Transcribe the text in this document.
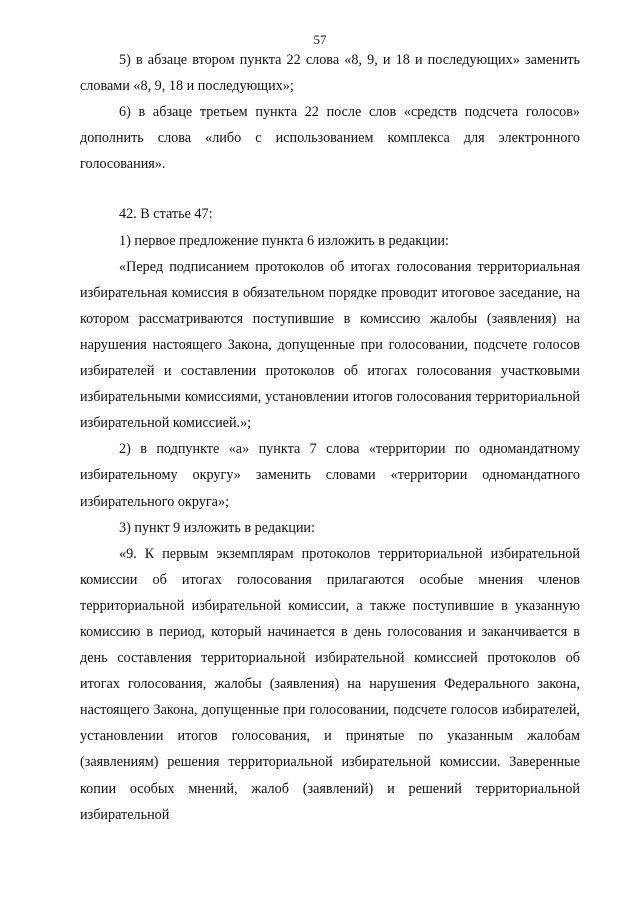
57

5) в абзаце втором пункта 22 слова «8, 9, и 18 и последующих» заменить словами «8, 9, 18 и последующих»;

6) в абзаце третьем пункта 22 после слов «средств подсчета голосов» дополнить слова «либо с использованием комплекса для электронного голосования».

42. В статье 47:

1) первое предложение пункта 6 изложить в редакции:

«Перед подписанием протоколов об итогах голосования территориальная избирательная комиссия в обязательном порядке проводит итоговое заседание, на котором рассматриваются поступившие в комиссию жалобы (заявления) на нарушения настоящего Закона, допущенные при голосовании, подсчете голосов избирателей и составлении протоколов об итогах голосования участковыми избирательными комиссиями, установлении итогов голосования территориальной избирательной комиссией.»;

2) в подпункте «а» пункта 7 слова «территории по одномандатному избирательному округу» заменить словами «территории одномандатного избирательного округа»;

3) пункт 9 изложить в редакции:

«9. К первым экземплярам протоколов территориальной избирательной комиссии об итогах голосования прилагаются особые мнения членов территориальной избирательной комиссии, а также поступившие в указанную комиссию в период, который начинается в день голосования и заканчивается в день составления территориальной избирательной комиссией протоколов об итогах голосования, жалобы (заявления) на нарушения Федерального закона, настоящего Закона, допущенные при голосовании, подсчете голосов избирателей, установлении итогов голосования, и принятые по указанным жалобам (заявлениям) решения территориальной избирательной комиссии. Заверенные копии особых мнений, жалоб (заявлений) и решений территориальной избирательной
